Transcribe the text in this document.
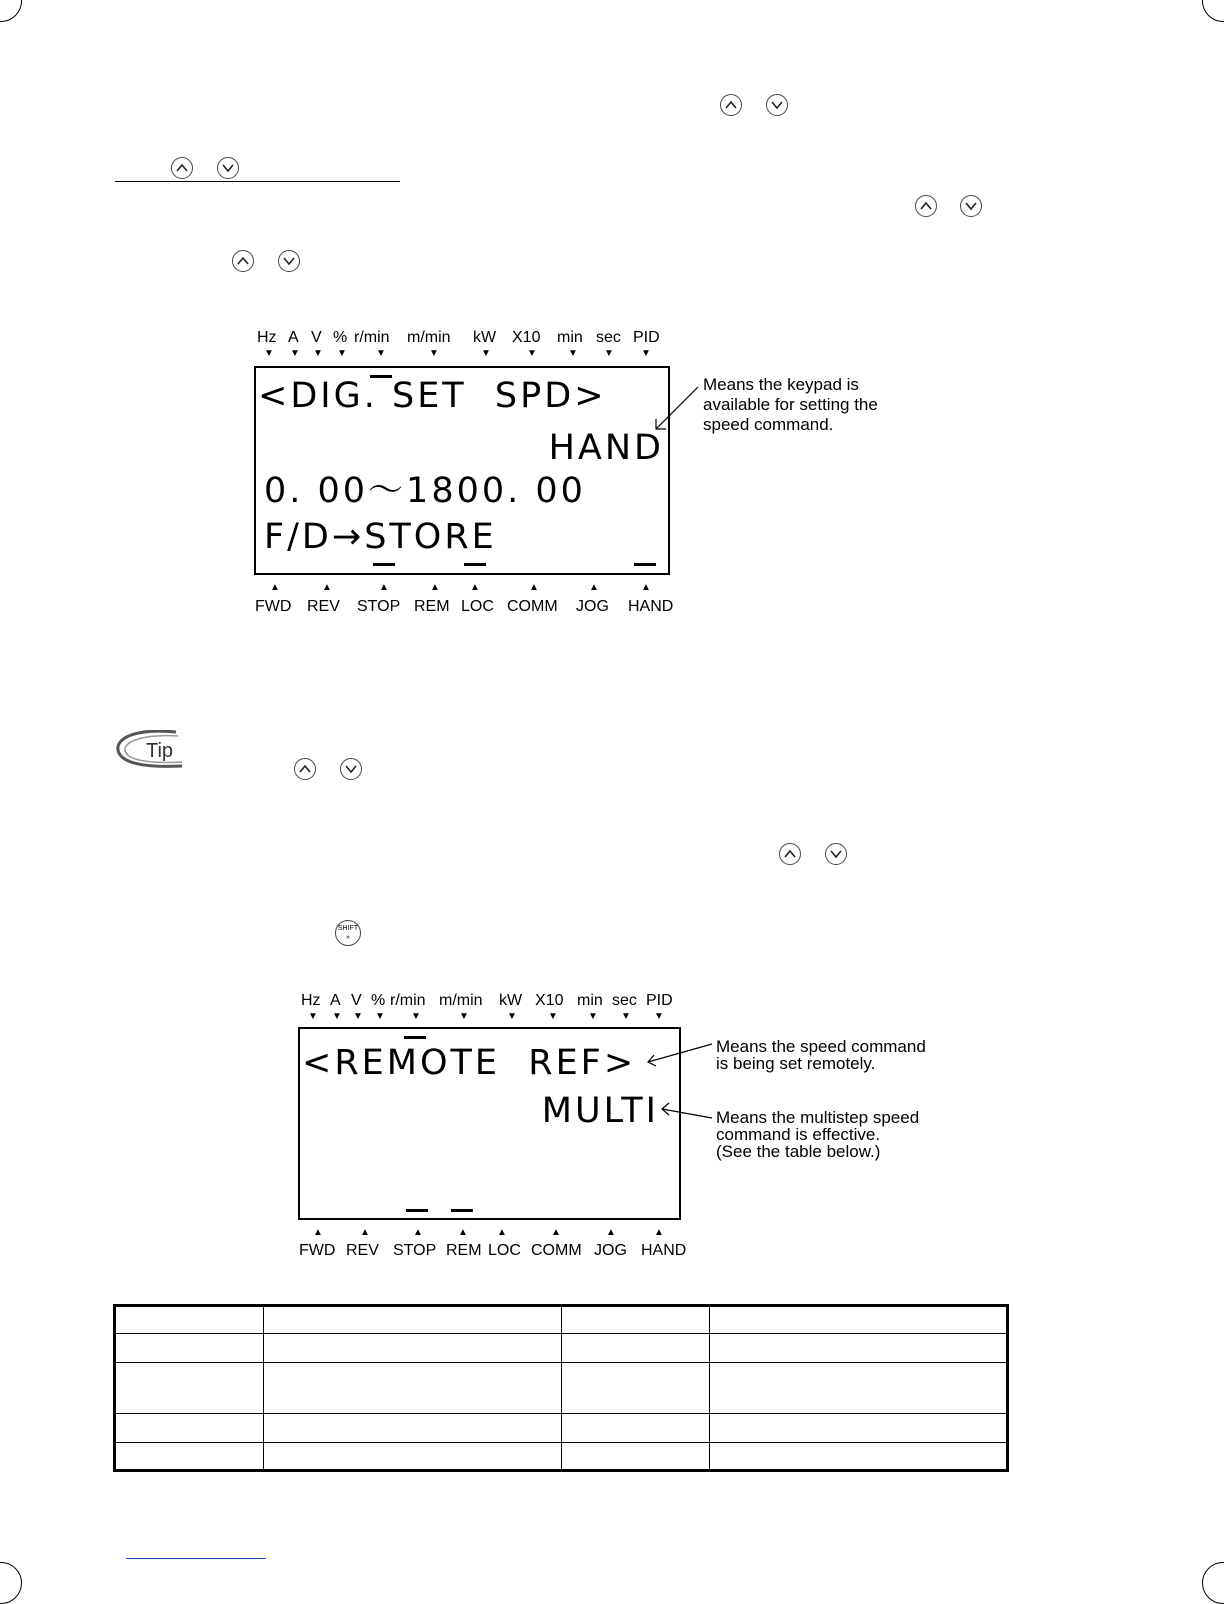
Hz A V % r/min m/min kW X10 min sec PID
▼ ▼ ▼ ▼	▼	▼	▼	▼	▼	▼	▼
<DIG. SET  SPD>
HAND
0. 00～1800. 00
F/D→STORE
▲	▲	▲	▲	▲	▲	▲	▲
FWD REV STOP REM LOC COMM JOG HAND
Means the keypad is
available for setting the
speed command.
Tip
SHIFT
»
Hz A V % r/min m/min kW X10 min sec PID
▼ ▼ ▼ ▼	▼	▼	▼	▼	▼ ▼ ▼
<REMOTE  REF>
MULTI
▲	▲	▲	▲	▲	▲	▲	▲
FWD REV STOP REM LOC COMM JOG HAND
Means the speed command
is being set remotely.
Means the multistep speed
command is effective.
(See the table below.)
